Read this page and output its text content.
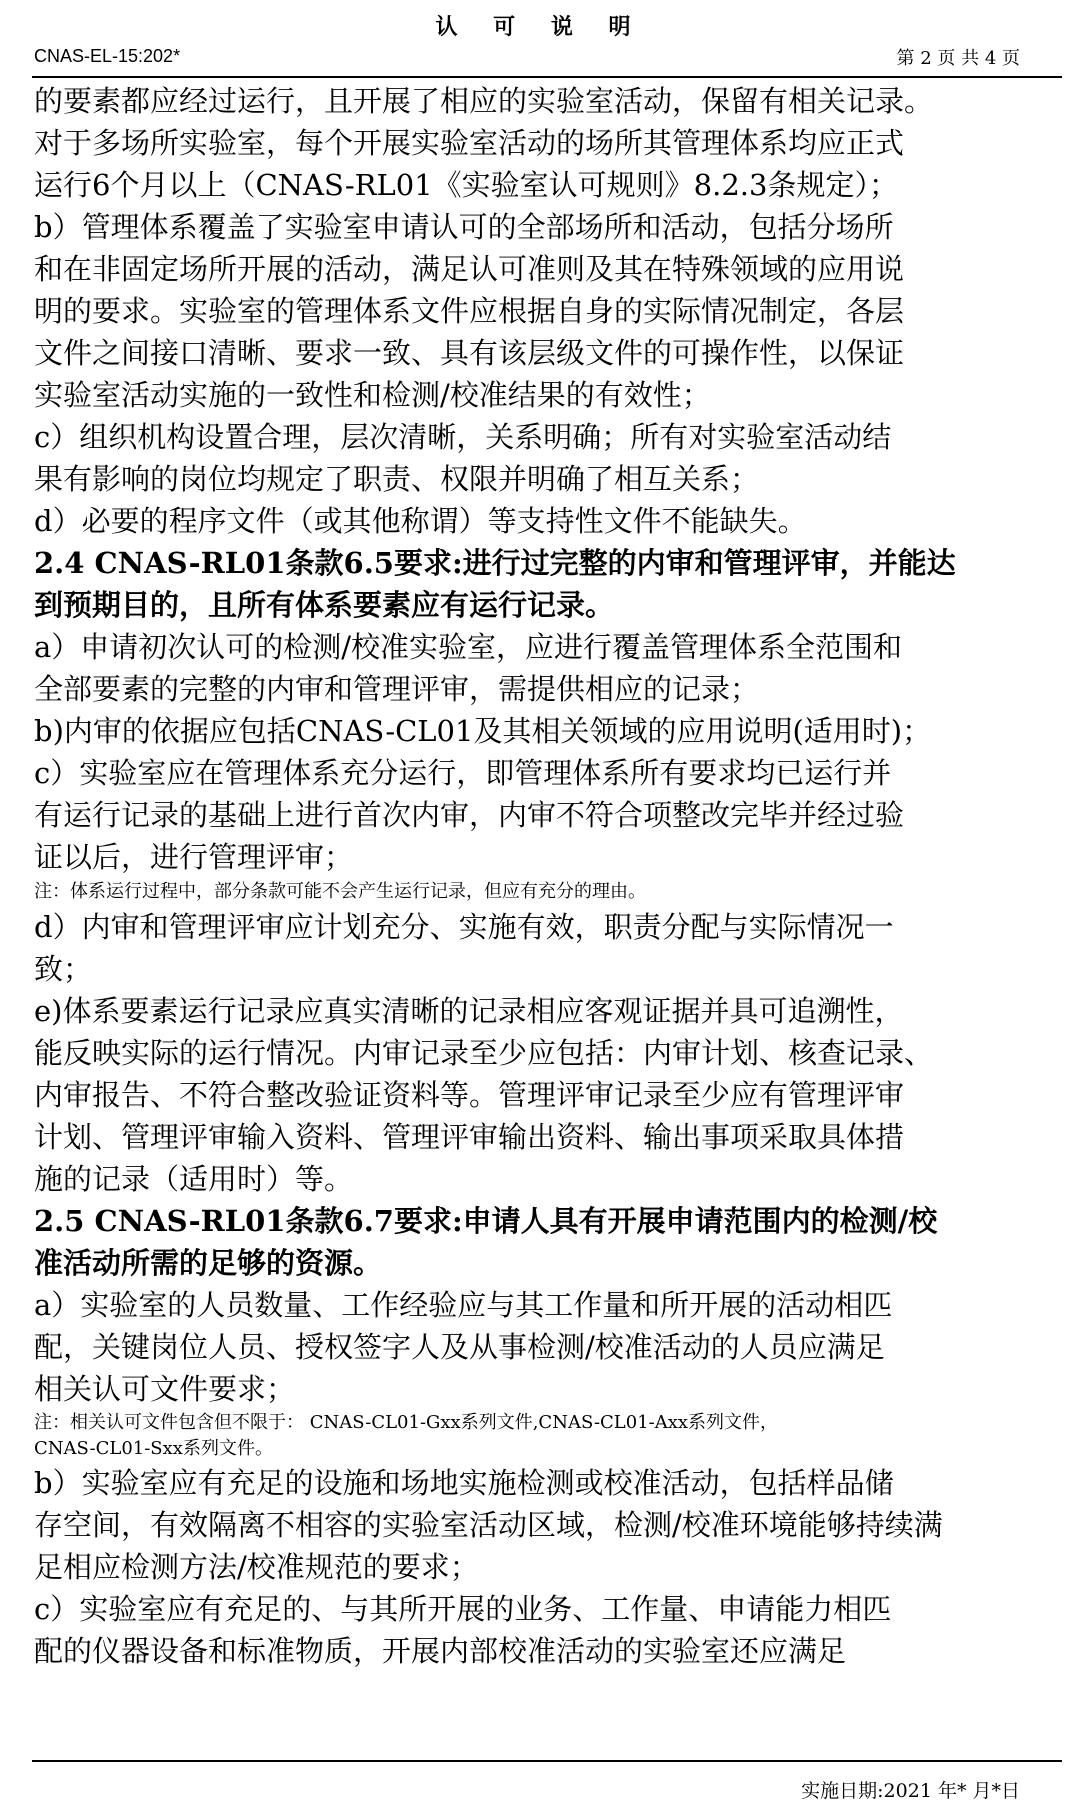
认 可 说 明
CNAS-EL-15:202*	第 2 页 共 4 页
的要素都应经过运行，且开展了相应的实验室活动，保留有相关记录。
对于多场所实验室，每个开展实验室活动的场所其管理体系均应正式
运行6个月以上（CNAS-RL01《实验室认可规则》8.2.3条规定）；
b）管理体系覆盖了实验室申请认可的全部场所和活动，包括分场所
和在非固定场所开展的活动，满足认可准则及其在特殊领域的应用说
明的要求。实验室的管理体系文件应根据自身的实际情况制定，各层
文件之间接口清晰、要求一致、具有该层级文件的可操作性，以保证
实验室活动实施的一致性和检测/校准结果的有效性；
c）组织机构设置合理，层次清晰，关系明确；所有对实验室活动结
果有影响的岗位均规定了职责、权限并明确了相互关系；
d）必要的程序文件（或其他称谓）等支持性文件不能缺失。
2.4 CNAS-RL01条款6.5要求:进行过完整的内审和管理评审，并能达
到预期目的，且所有体系要素应有运行记录。
a）申请初次认可的检测/校准实验室，应进行覆盖管理体系全范围和
全部要素的完整的内审和管理评审，需提供相应的记录；
b)内审的依据应包括CNAS-CL01及其相关领域的应用说明(适用时)；
c）实验室应在管理体系充分运行，即管理体系所有要求均已运行并
有运行记录的基础上进行首次内审，内审不符合项整改完毕并经过验
证以后，进行管理评审；
注：体系运行过程中，部分条款可能不会产生运行记录，但应有充分的理由。
d）内审和管理评审应计划充分、实施有效，职责分配与实际情况一
致；
e)体系要素运行记录应真实清晰的记录相应客观证据并具可追溯性，
能反映实际的运行情况。内审记录至少应包括：内审计划、核查记录、
内审报告、不符合整改验证资料等。管理评审记录至少应有管理评审
计划、管理评审输入资料、管理评审输出资料、输出事项采取具体措
施的记录（适用时）等。
2.5 CNAS-RL01条款6.7要求:申请人具有开展申请范围内的检测/校
准活动所需的足够的资源。
a）实验室的人员数量、工作经验应与其工作量和所开展的活动相匹
配，关键岗位人员、授权签字人及从事检测/校准活动的人员应满足
相关认可文件要求；
注：相关认可文件包含但不限于： CNAS-CL01-Gxx系列文件,CNAS-CL01-Axx系列文件，
CNAS-CL01-Sxx系列文件。
b）实验室应有充足的设施和场地实施检测或校准活动，包括样品储
存空间，有效隔离不相容的实验室活动区域，检测/校准环境能够持续满
足相应检测方法/校准规范的要求；
c）实验室应有充足的、与其所开展的业务、工作量、申请能力相匹
配的仪器设备和标准物质，开展内部校准活动的实验室还应满足
实施日期:2021 年* 月*日
